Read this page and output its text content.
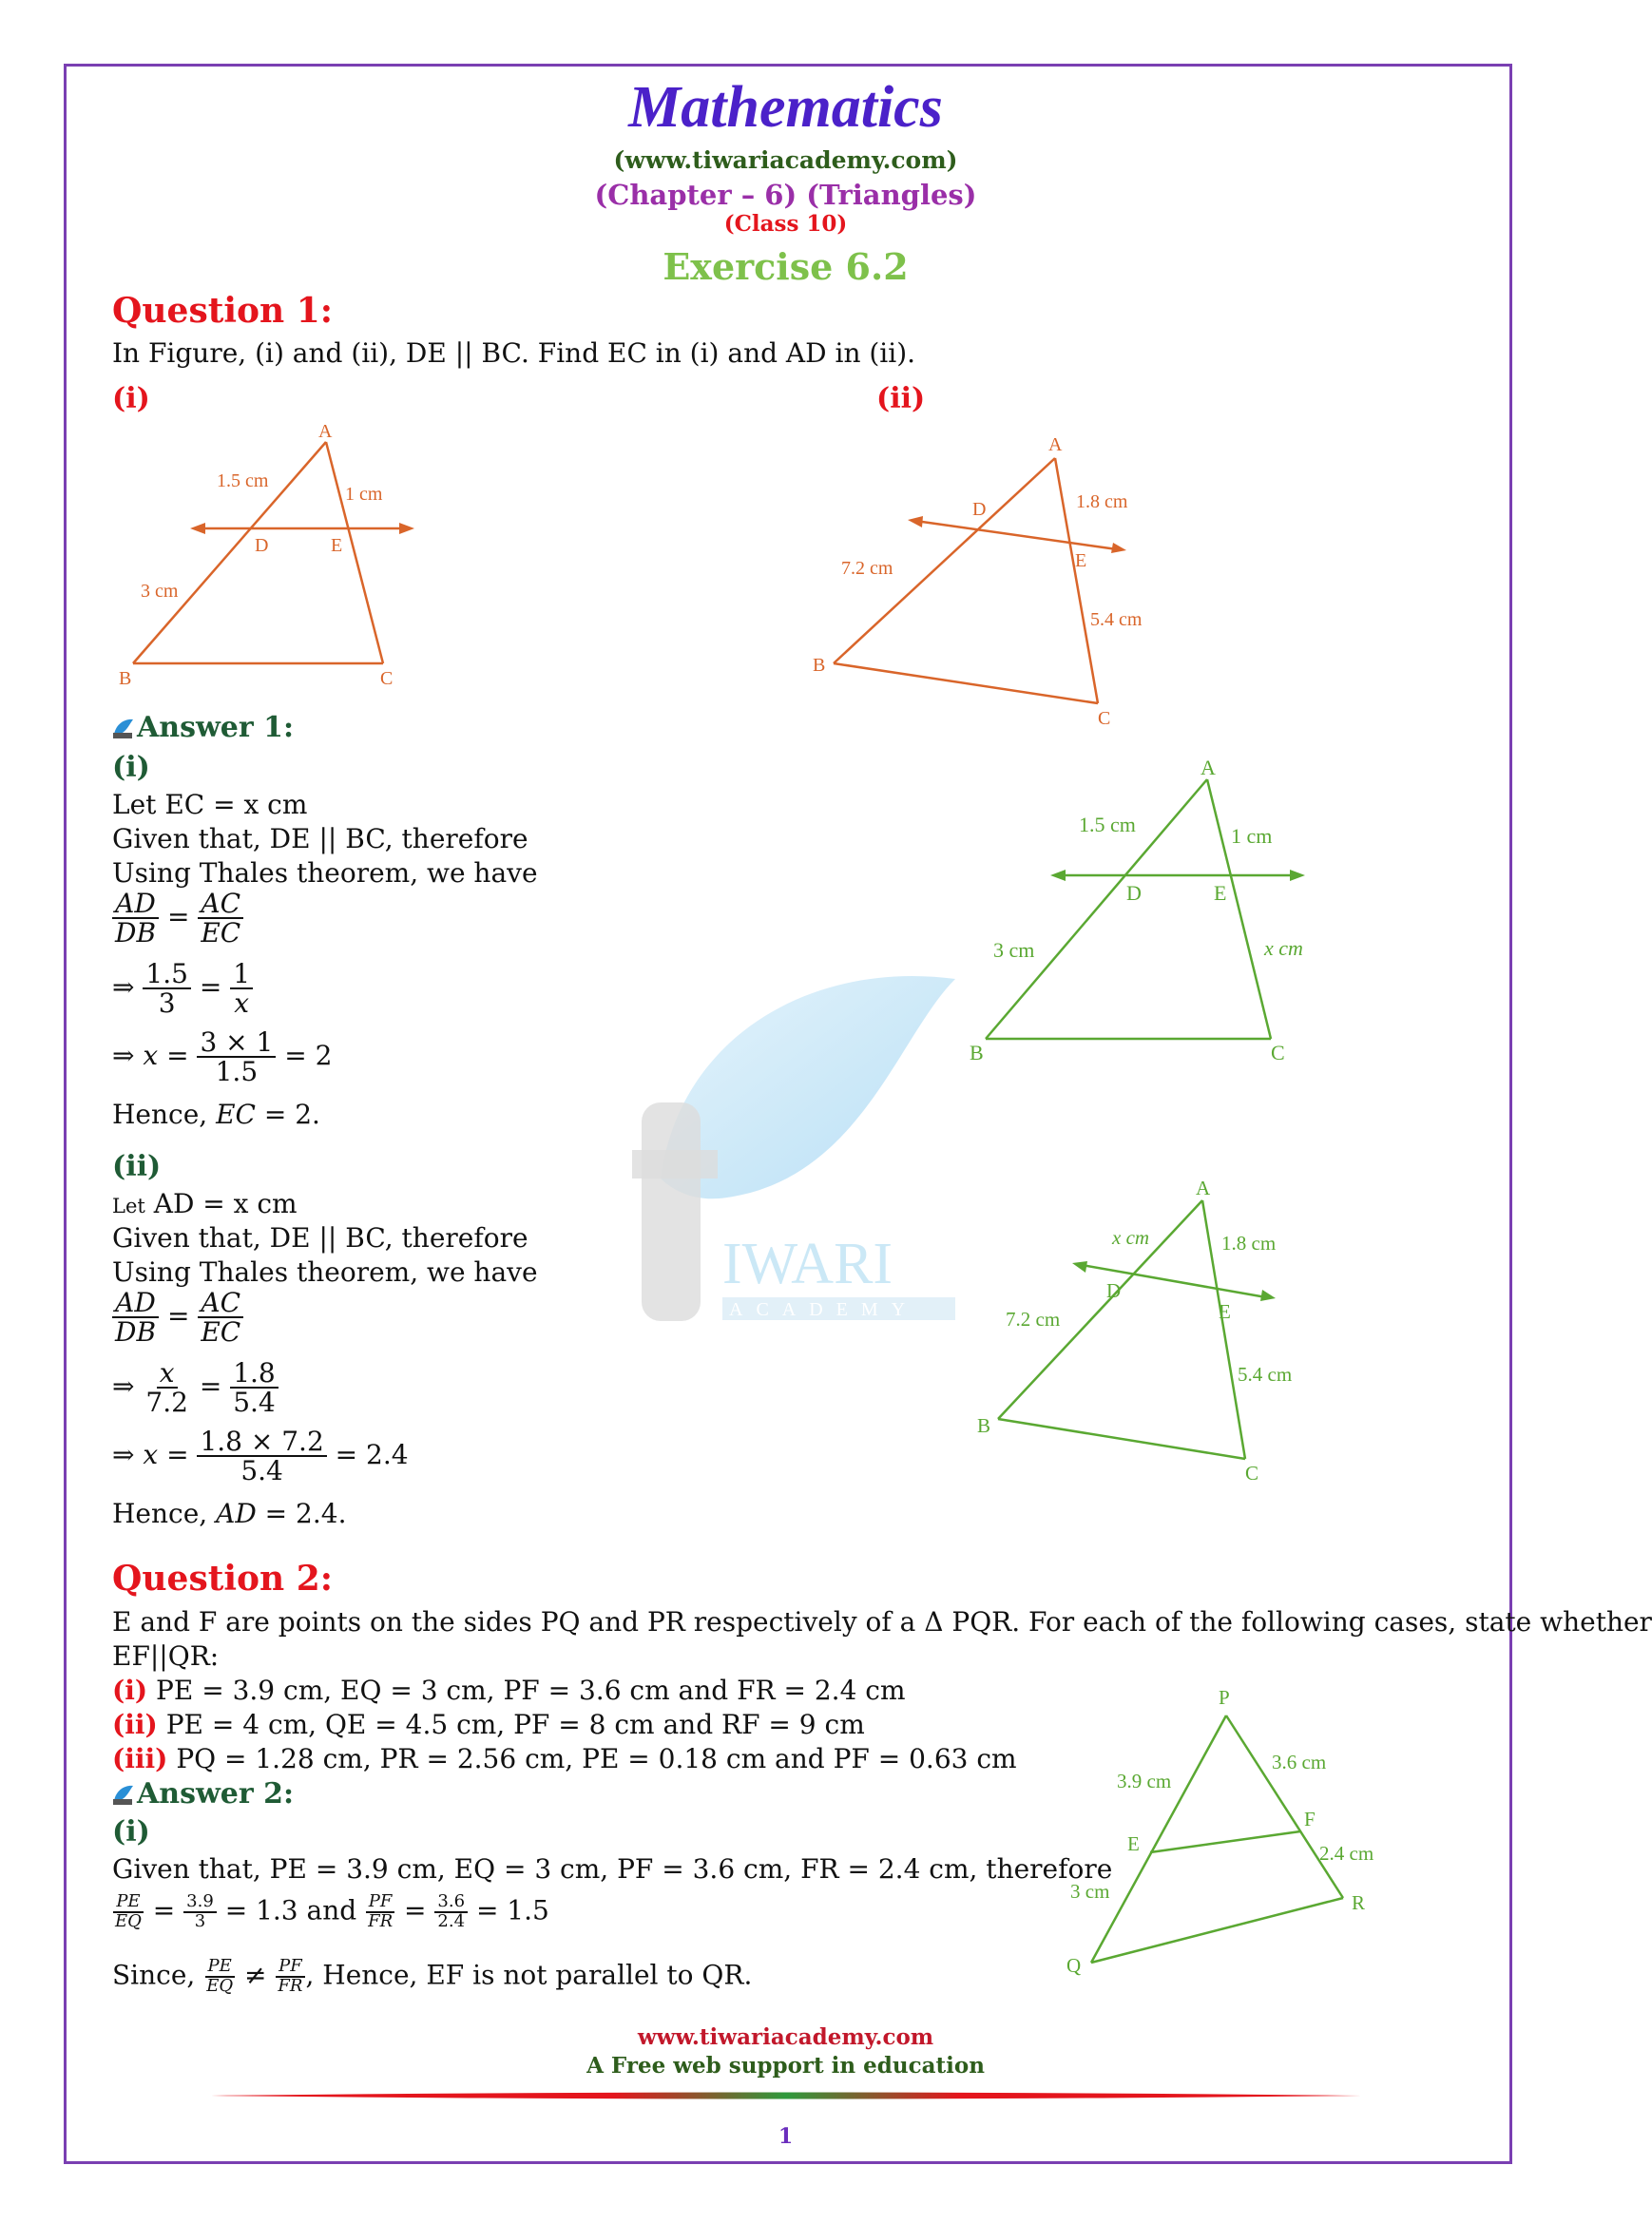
IWARI
ACADEMY
Mathematics
(www.tiwariacademy.com)
(Chapter – 6) (Triangles)
(Class 10)
Exercise 6.2
Question 1:
In Figure, (i) and (ii), DE || BC. Find EC in (i) and AD in (ii).
(i)	(ii)
A
B	C
D	E
1.5 cm
1 cm
3 cm
A
B
C
D
E
7.2 cm
1.8 cm
5.4 cm
Answer 1:
(i)
Let EC = x cm
Given that, DE || BC, therefore
Using Thales theorem, we have
$\frac{AD}{DB} = \frac{AC}{EC}$
⇒ $\frac{1.5}{3} = \frac{1}{x}$
⇒ $x = \frac{3 \times 1}{1.5} = 2$
Hence, EC = 2.
A
B	C
D	E
1.5 cm	1 cm
3 cm	x cm
(ii)
Let AD = x cm
Given that, DE || BC, therefore
Using Thales theorem, we have
$\frac{AD}{DB} = \frac{AC}{EC}$
⇒ $\frac{x}{7.2} = \frac{1.8}{5.4}$
⇒ $x = \frac{1.8 \times 7.2}{5.4} = 2.4$
Hence, AD = 2.4.
A
B
C
D
E
x cm	1.8 cm
7.2 cm
5.4 cm
Question 2:
E and F are points on the sides PQ and PR respectively of a Δ PQR. For each of the following cases, state whether
EF||QR:
(i) PE = 3.9 cm, EQ = 3 cm, PF = 3.6 cm and FR = 2.4 cm
(ii) PE = 4 cm, QE = 4.5 cm, PF = 8 cm and RF = 9 cm
(iii) PQ = 1.28 cm, PR = 2.56 cm, PE = 0.18 cm and PF = 0.63 cm
P
Q
R
E
F
3.9 cm
3.6 cm
3 cm
2.4 cm
Answer 2:
(i)
Given that, PE = 3.9 cm, EQ = 3 cm, PF = 3.6 cm, FR = 2.4 cm, therefore
$\frac{PE}{EQ} = \frac{3.9}{3} = 1.3$ and $\frac{PF}{FR} = \frac{3.6}{2.4} = 1.5$
Since, $\frac{PE}{EQ} \ne \frac{PF}{FR}$ , Hence, EF is not parallel to QR.
www.tiwariacademy.com
A Free web support in education
1
